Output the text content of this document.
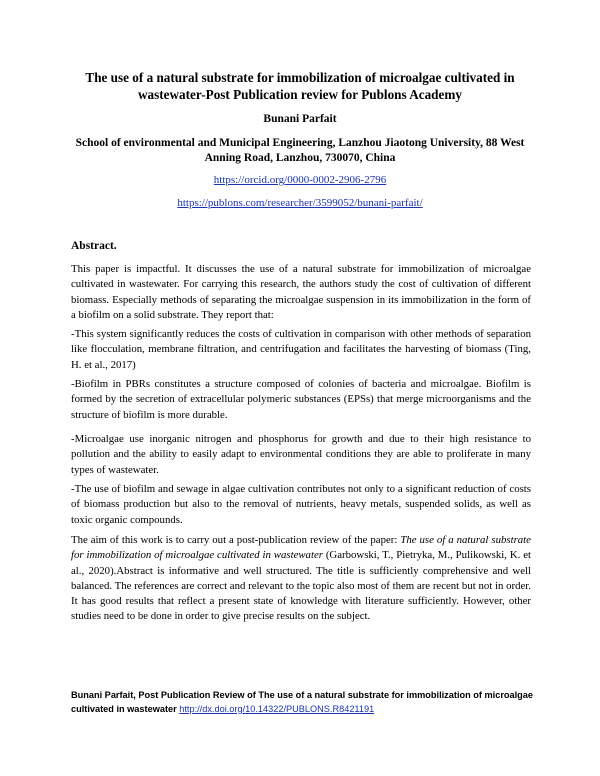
The use of a natural substrate for immobilization of microalgae cultivated in wastewater-Post Publication review for Publons Academy
Bunani Parfait
School of environmental and Municipal Engineering, Lanzhou Jiaotong University, 88 West Anning Road, Lanzhou, 730070, China
https://orcid.org/0000-0002-2906-2796
https://publons.com/researcher/3599052/bunani-parfait/
Abstract.

This paper is impactful. It discusses the use of a natural substrate for immobilization of microalgae cultivated in wastewater. For carrying this research, the authors study the cost of cultivation of different biomass. Especially methods of separating the microalgae suspension in its immobilization in the form of a biofilm on a solid substrate. They report that:

-This system significantly reduces the costs of cultivation in comparison with other methods of separation like flocculation, membrane filtration, and centrifugation and facilitates the harvesting of biomass (Ting, H. et al., 2017)

-Biofilm in PBRs constitutes a structure composed of colonies of bacteria and microalgae. Biofilm is formed by the secretion of extracellular polymeric substances (EPSs) that merge microorganisms and the structure of biofilm is more durable.

-Microalgae use inorganic nitrogen and phosphorus for growth and due to their high resistance to pollution and the ability to easily adapt to environmental conditions they are able to proliferate in many types of wastewater.

-The use of biofilm and sewage in algae cultivation contributes not only to a significant reduction of costs of biomass production but also to the removal of nutrients, heavy metals, suspended solids, as well as toxic organic compounds.

The aim of this work is to carry out a post-publication review of the paper: The use of a natural substrate for immobilization of microalgae cultivated in wastewater (Garbowski, T., Pietryka, M., Pulikowski, K. et al., 2020).Abstract is informative and well structured. The title is sufficiently comprehensive and well balanced. The references are correct and relevant to the topic also most of them are recent but not in order. It has good results that reflect a present state of knowledge with literature sufficiently. However, other studies need to be done in order to give precise results on the subject.

Bunani Parfait, Post Publication Review of The use of a natural substrate for immobilization of microalgae cultivated in wastewater http://dx.doi.org/10.14322/PUBLONS.R8421191
